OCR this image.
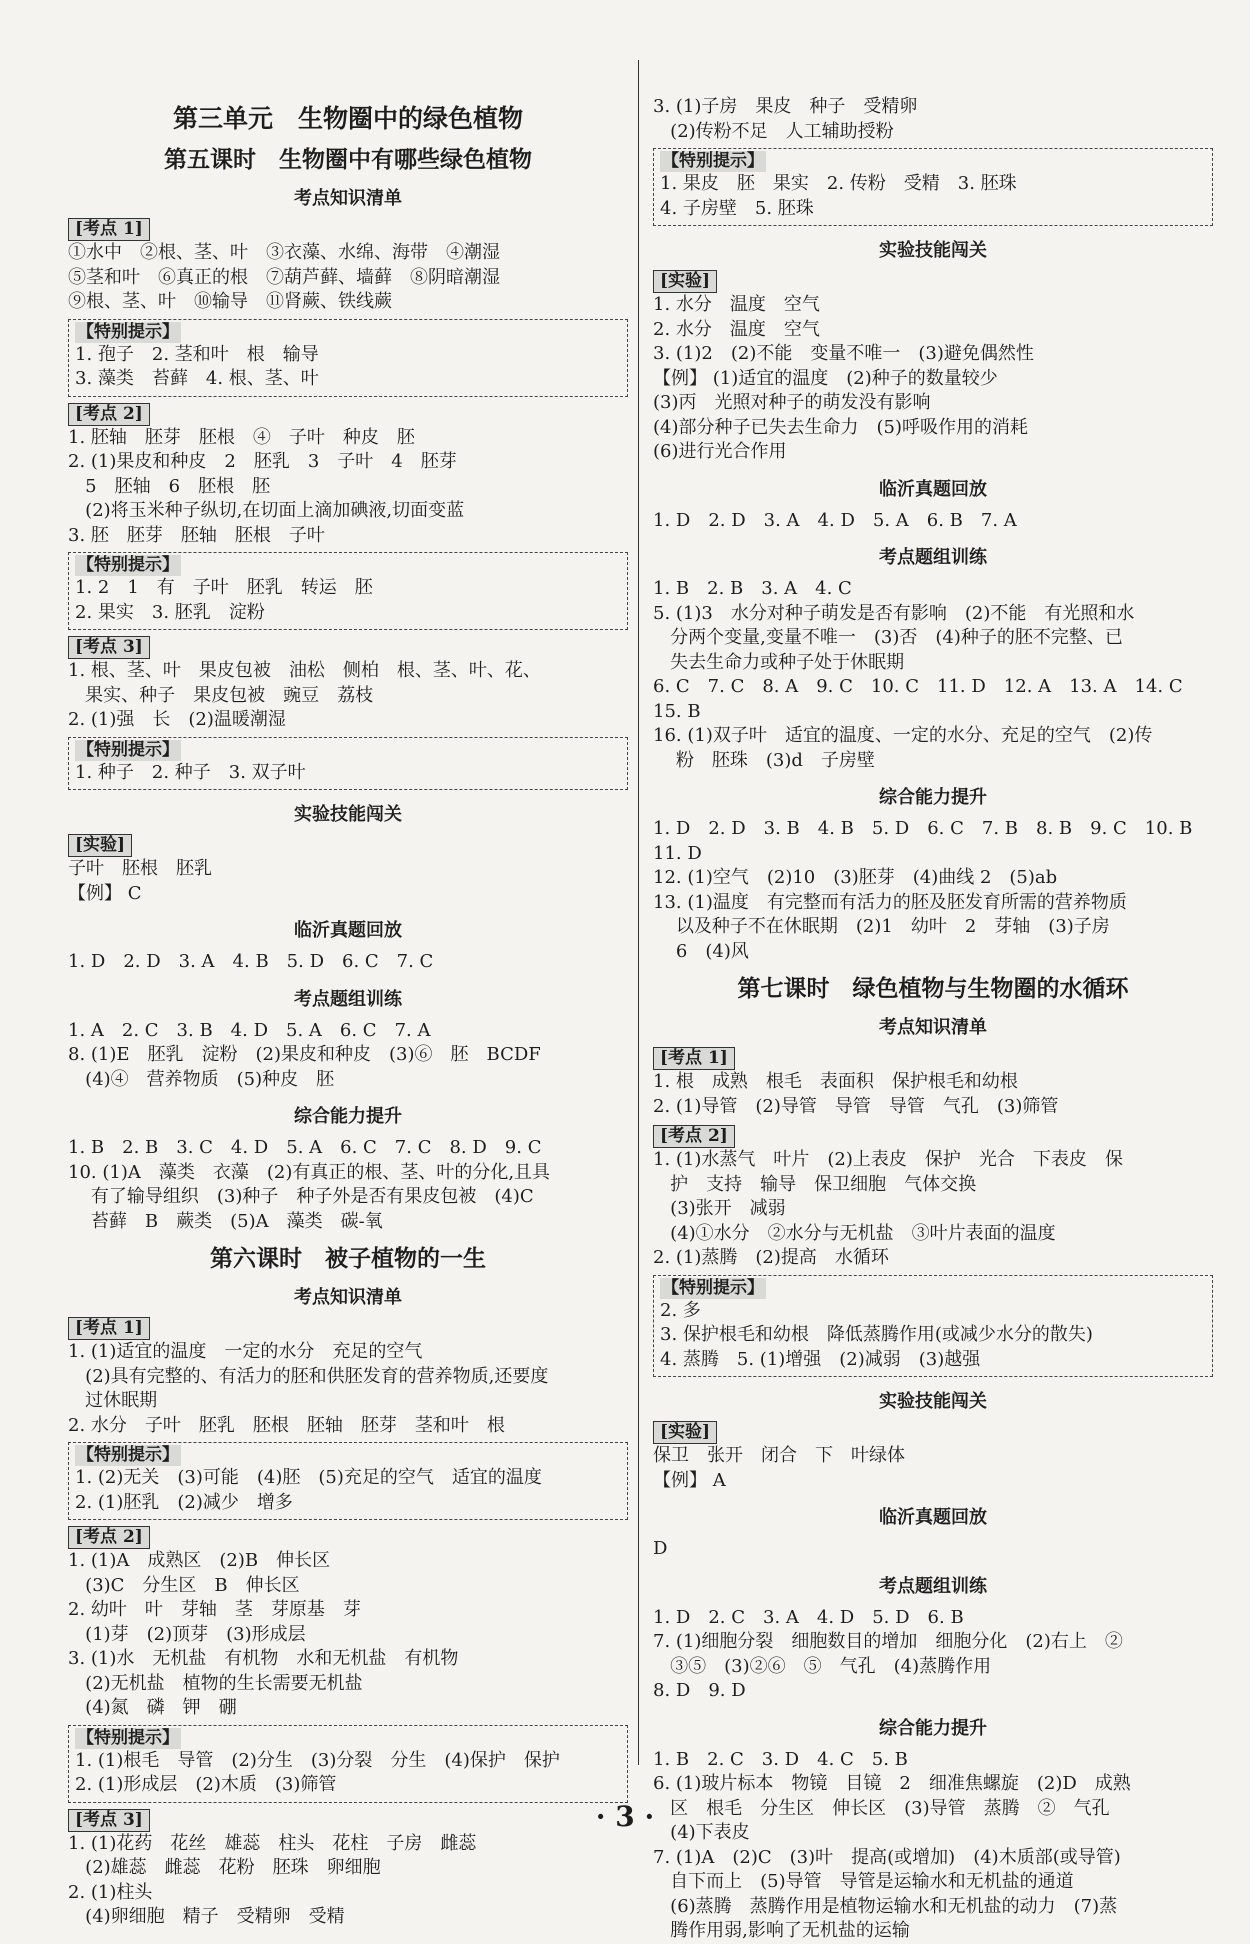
第三单元　生物圈中的绿色植物
第五课时　生物圈中有哪些绿色植物
考点知识清单
[考点 1]
①水中　②根、茎、叶　③衣藻、水绵、海带　④潮湿
⑤茎和叶　⑥真正的根　⑦葫芦藓、墙藓　⑧阴暗潮湿
⑨根、茎、叶　⑩输导　⑪肾蕨、铁线蕨
【特别提示】
1. 孢子　2. 茎和叶　根　输导
3. 藻类　苔藓　4. 根、茎、叶
[考点 2]
1. 胚轴　胚芽　胚根　④　子叶　种皮　胚
2. (1)果皮和种皮　2　胚乳　3　子叶　4　胚芽
5　胚轴　6　胚根　胚
(2)将玉米种子纵切,在切面上滴加碘液,切面变蓝
3. 胚　胚芽　胚轴　胚根　子叶
【特别提示】
1. 2　1　有　子叶　胚乳　转运　胚
2. 果实　3. 胚乳　淀粉
[考点 3]
1. 根、茎、叶　果皮包被　油松　侧柏　根、茎、叶、花、
果实、种子　果皮包被　豌豆　荔枝
2. (1)强　长　(2)温暖潮湿
【特别提示】
1. 种子　2. 种子　3. 双子叶
实验技能闯关
[实验]
子叶　胚根　胚乳
【例】 C
临沂真题回放
1. D　2. D　3. A　4. B　5. D　6. C　7. C
考点题组训练
1. A　2. C　3. B　4. D　5. A　6. C　7. A
8. (1)E　胚乳　淀粉　(2)果皮和种皮　(3)⑥　胚　BCDF
(4)④　营养物质　(5)种皮　胚
综合能力提升
1. B　2. B　3. C　4. D　5. A　6. C　7. C　8. D　9. C
10. (1)A　藻类　衣藻　(2)有真正的根、茎、叶的分化,且具
有了输导组织　(3)种子　种子外是否有果皮包被　(4)C
苔藓　B　蕨类　(5)A　藻类　碳-氧
第六课时　被子植物的一生
考点知识清单
[考点 1]
1. (1)适宜的温度　一定的水分　充足的空气
(2)具有完整的、有活力的胚和供胚发育的营养物质,还要度
过休眠期
2. 水分　子叶　胚乳　胚根　胚轴　胚芽　茎和叶　根
【特别提示】
1. (2)无关　(3)可能　(4)胚　(5)充足的空气　适宜的温度
2. (1)胚乳　(2)减少　增多
[考点 2]
1. (1)A　成熟区　(2)B　伸长区
(3)C　分生区　B　伸长区
2. 幼叶　叶　芽轴　茎　芽原基　芽
(1)芽　(2)顶芽　(3)形成层
3. (1)水　无机盐　有机物　水和无机盐　有机物
(2)无机盐　植物的生长需要无机盐
(4)氮　磷　钾　硼
【特别提示】
1. (1)根毛　导管　(2)分生　(3)分裂　分生　(4)保护　保护
2. (1)形成层　(2)木质　(3)筛管
[考点 3]
1. (1)花药　花丝　雄蕊　柱头　花柱　子房　雌蕊
(2)雄蕊　雌蕊　花粉　胚珠　卵细胞
2. (1)柱头
(4)卵细胞　精子　受精卵　受精
3. (1)子房　果皮　种子　受精卵
(2)传粉不足　人工辅助授粉
【特别提示】
1. 果皮　胚　果实　2. 传粉　受精　3. 胚珠
4. 子房壁　5. 胚珠
实验技能闯关
[实验]
1. 水分　温度　空气
2. 水分　温度　空气
3. (1)2　(2)不能　变量不唯一　(3)避免偶然性
【例】 (1)适宜的温度　(2)种子的数量较少
(3)丙　光照对种子的萌发没有影响
(4)部分种子已失去生命力　(5)呼吸作用的消耗
(6)进行光合作用
临沂真题回放
1. D　2. D　3. A　4. D　5. A　6. B　7. A
考点题组训练
1. B　2. B　3. A　4. C
5. (1)3　水分对种子萌发是否有影响　(2)不能　有光照和水
分两个变量,变量不唯一　(3)否　(4)种子的胚不完整、已
失去生命力或种子处于休眠期
6. C　7. C　8. A　9. C　10. C　11. D　12. A　13. A　14. C
15. B
16. (1)双子叶　适宜的温度、一定的水分、充足的空气　(2)传
粉　胚珠　(3)d　子房壁
综合能力提升
1. D　2. D　3. B　4. B　5. D　6. C　7. B　8. B　9. C　10. B
11. D
12. (1)空气　(2)10　(3)胚芽　(4)曲线 2　(5)ab
13. (1)温度　有完整而有活力的胚及胚发育所需的营养物质
以及种子不在休眠期　(2)1　幼叶　2　芽轴　(3)子房
6　(4)风
第七课时　绿色植物与生物圈的水循环
考点知识清单
[考点 1]
1. 根　成熟　根毛　表面积　保护根毛和幼根
2. (1)导管　(2)导管　导管　导管　气孔　(3)筛管
[考点 2]
1. (1)水蒸气　叶片　(2)上表皮　保护　光合　下表皮　保
护　支持　输导　保卫细胞　气体交换
(3)张开　减弱
(4)①水分　②水分与无机盐　③叶片表面的温度
2. (1)蒸腾　(2)提高　水循环
【特别提示】
2. 多
3. 保护根毛和幼根　降低蒸腾作用(或减少水分的散失)
4. 蒸腾　5. (1)增强　(2)减弱　(3)越强
实验技能闯关
[实验]
保卫　张开　闭合　下　叶绿体
【例】 A
临沂真题回放
D
考点题组训练
1. D　2. C　3. A　4. D　5. D　6. B
7. (1)细胞分裂　细胞数目的增加　细胞分化　(2)右上　②
③⑤　(3)②⑥　⑤　气孔　(4)蒸腾作用
8. D　9. D
综合能力提升
1. B　2. C　3. D　4. C　5. B
6. (1)玻片标本　物镜　目镜　2　细准焦螺旋　(2)D　成熟
区　根毛　分生区　伸长区　(3)导管　蒸腾　②　气孔
(4)下表皮
7. (1)A　(2)C　(3)叶　提高(或增加)　(4)木质部(或导管)
自下而上　(5)导管　导管是运输水和无机盐的通道
(6)蒸腾　蒸腾作用是植物运输水和无机盐的动力　(7)蒸
腾作用弱,影响了无机盐的运输
· 3 ·
